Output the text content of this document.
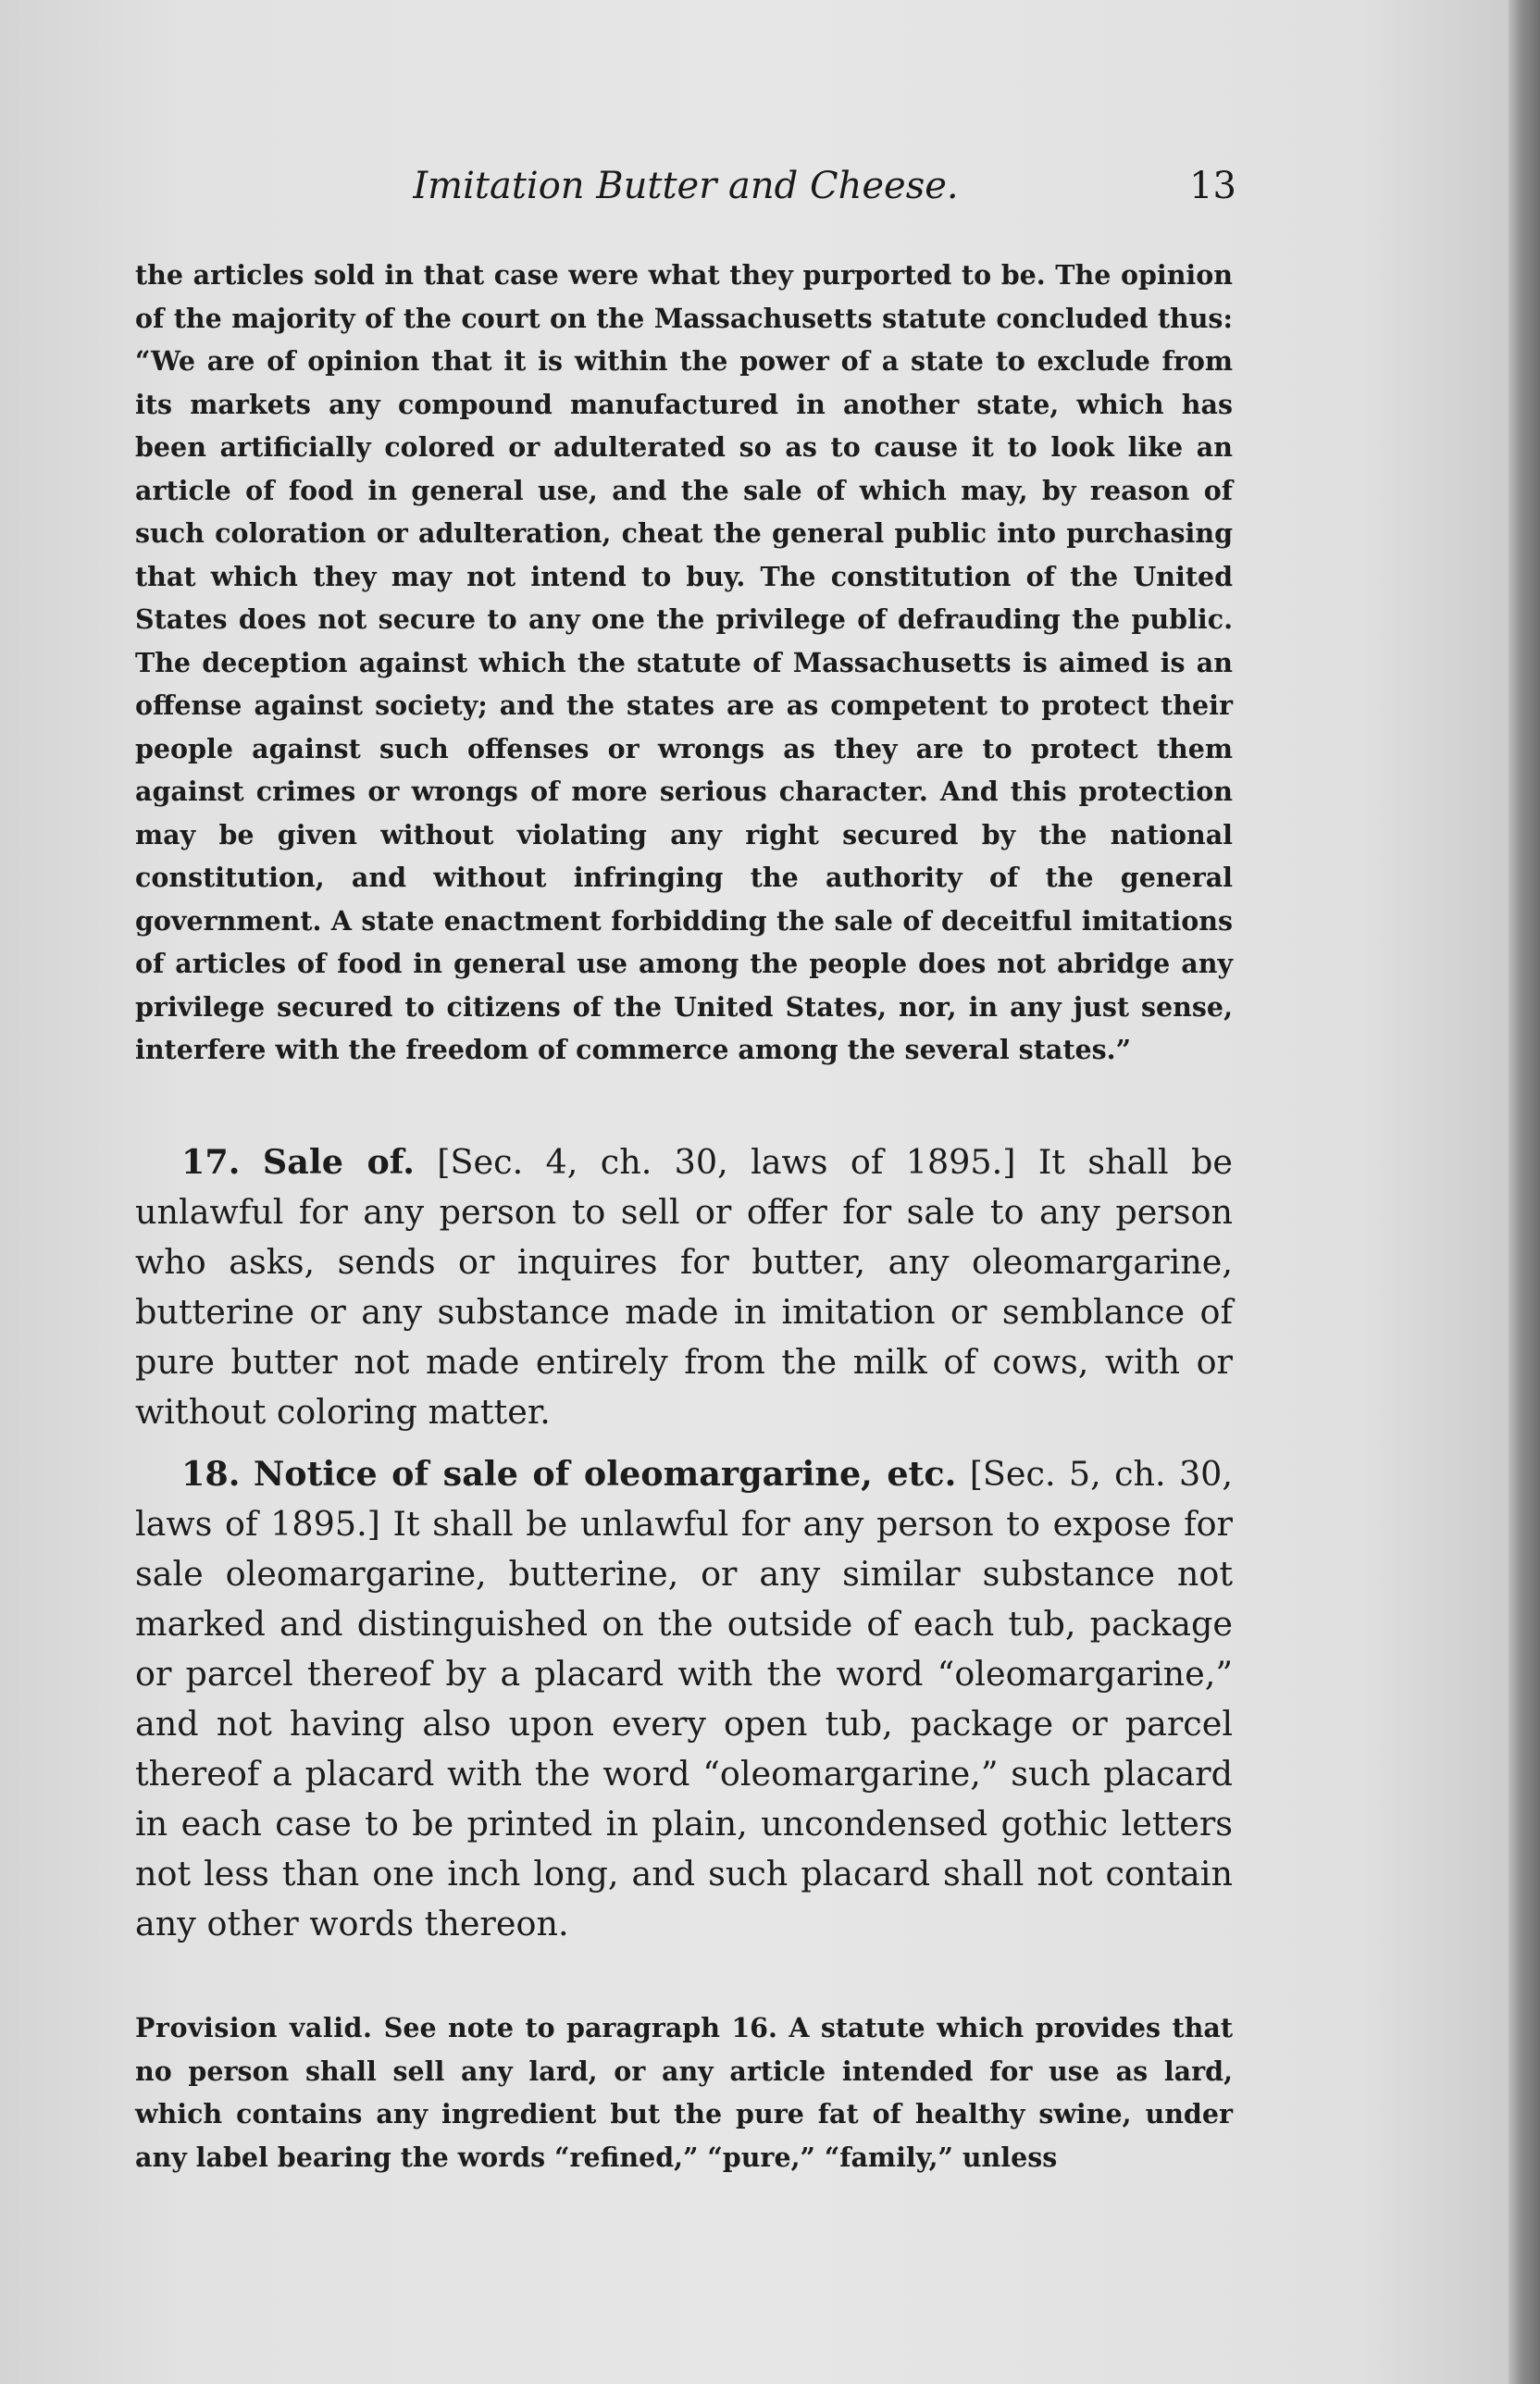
Imitation Butter and Cheese.	13

the articles sold in that case were what they purported to be. The opinion of the majority of the court on the Massachusetts statute concluded thus: “We are of opinion that it is within the power of a state to exclude from its markets any compound manufactured in another state, which has been artificially colored or adulterated so as to cause it to look like an article of food in general use, and the sale of which may, by reason of such coloration or adulteration, cheat the general public into purchasing that which they may not intend to buy. The constitution of the United States does not secure to any one the privilege of defrauding the public. The deception against which the statute of Massachusetts is aimed is an offense against society; and the states are as competent to protect their people against such offenses or wrongs as they are to protect them against crimes or wrongs of more serious character. And this protection may be given without violating any right secured by the national constitution, and without infringing the authority of the general government. A state enactment forbidding the sale of deceitful imitations of articles of food in general use among the people does not abridge any privilege secured to citizens of the United States, nor, in any just sense, interfere with the freedom of commerce among the several states.”

17. Sale of. [Sec. 4, ch. 30, laws of 1895.] It shall be unlawful for any person to sell or offer for sale to any person who asks, sends or inquires for butter, any oleomargarine, butterine or any substance made in imitation or semblance of pure butter not made entirely from the milk of cows, with or without coloring matter.

18. Notice of sale of oleomargarine, etc. [Sec. 5, ch. 30, laws of 1895.] It shall be unlawful for any person to expose for sale oleomargarine, butterine, or any similar substance not marked and distinguished on the outside of each tub, package or parcel thereof by a placard with the word “oleomargarine,” and not having also upon every open tub, package or parcel thereof a placard with the word “oleomargarine,” such placard in each case to be printed in plain, uncondensed gothic letters not less than one inch long, and such placard shall not contain any other words thereon.

Provision valid. See note to paragraph 16. A statute which provides that no person shall sell any lard, or any article intended for use as lard, which contains any ingredient but the pure fat of healthy swine, under any label bearing the words “refined,” “pure,” “family,” unless
